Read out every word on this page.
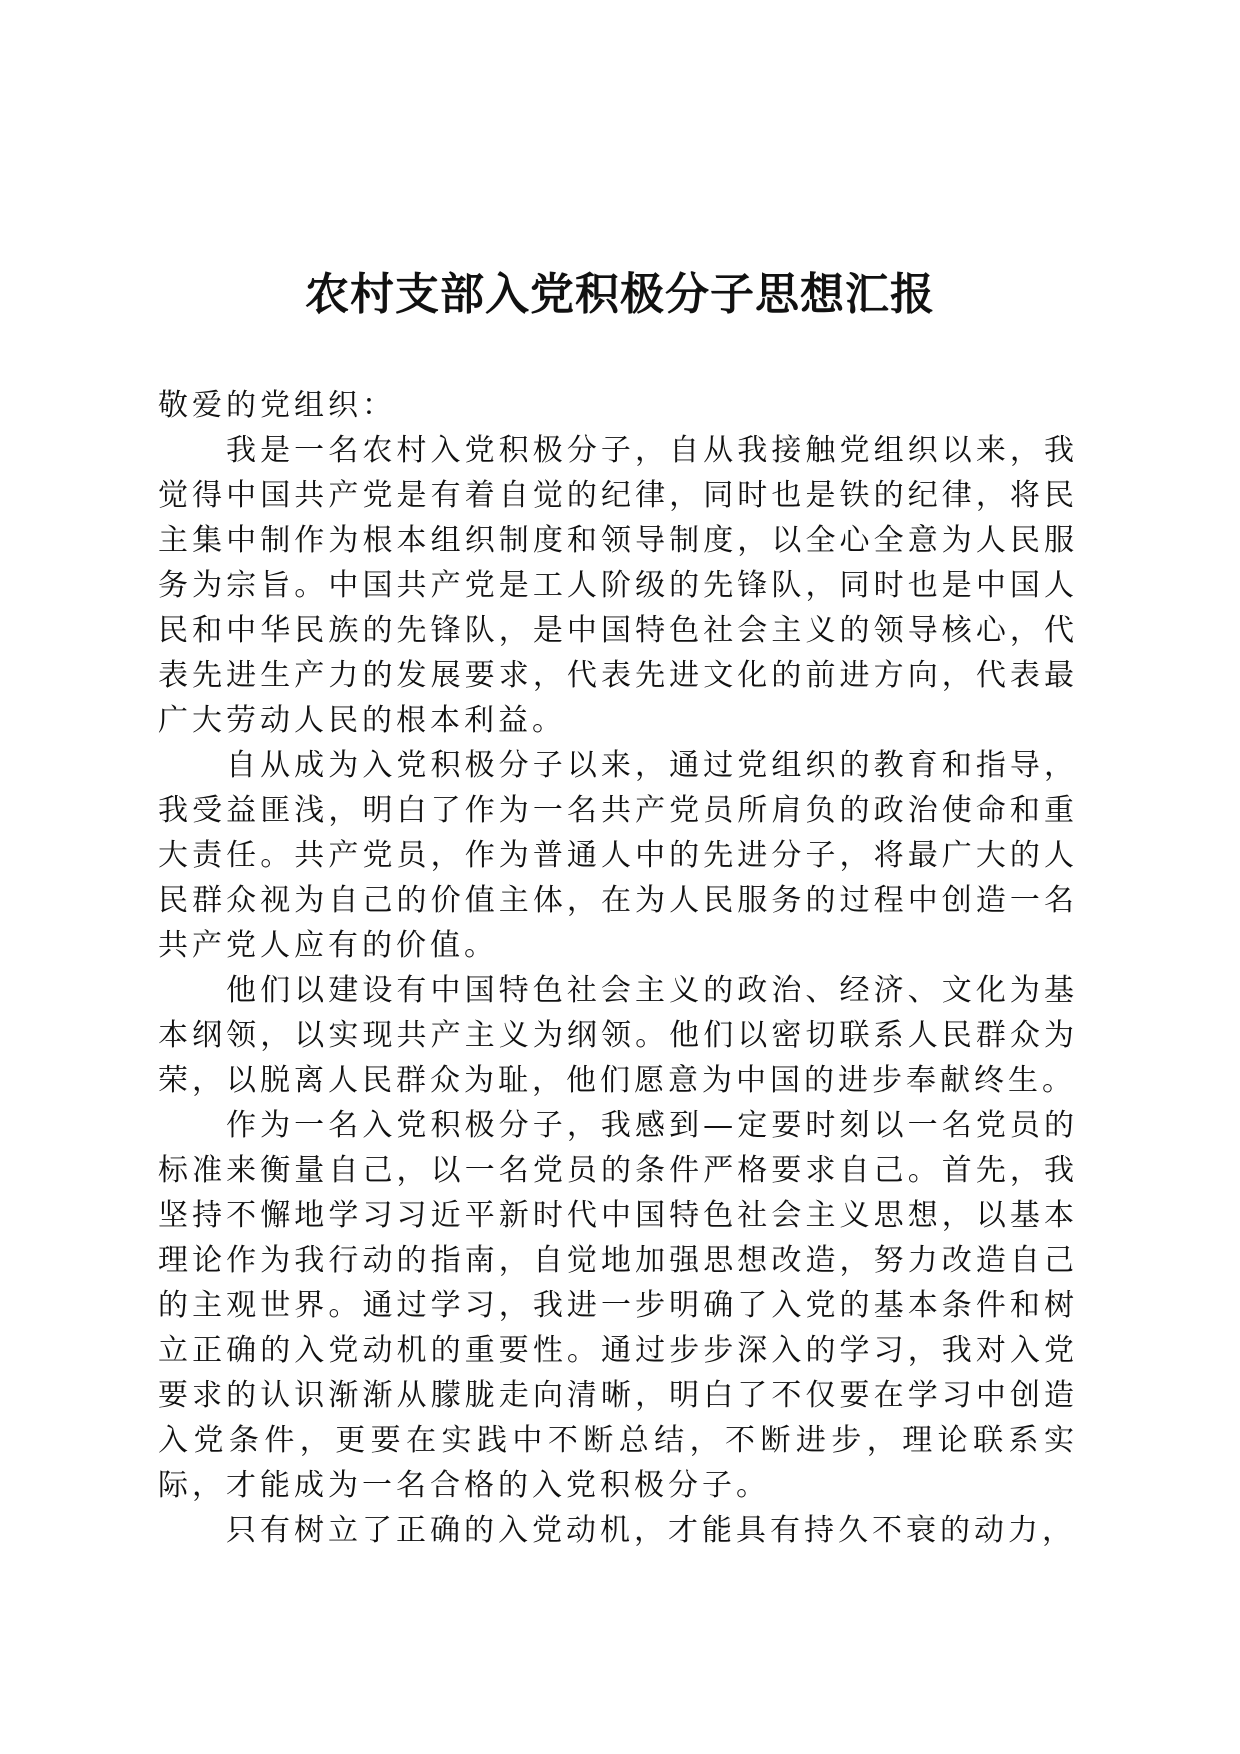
农村支部入党积极分子思想汇报

敬爱的党组织：

我是一名农村入党积极分子，自从我接触党组织以来，我觉得中国共产党是有着自觉的纪律，同时也是铁的纪律，将民主集中制作为根本组织制度和领导制度，以全心全意为人民服务为宗旨。中国共产党是工人阶级的先锋队，同时也是中国人民和中华民族的先锋队，是中国特色社会主义的领导核心，代表先进生产力的发展要求，代表先进文化的前进方向，代表最广大劳动人民的根本利益。

自从成为入党积极分子以来，通过党组织的教育和指导，我受益匪浅，明白了作为一名共产党员所肩负的政治使命和重大责任。共产党员，作为普通人中的先进分子，将最广大的人民群众视为自己的价值主体，在为人民服务的过程中创造一名共产党人应有的价值。

他们以建设有中国特色社会主义的政治、经济、文化为基本纲领，以实现共产主义为纲领。他们以密切联系人民群众为荣，以脱离人民群众为耻，他们愿意为中国的进步奉献终生。

作为一名入党积极分子，我感到—定要时刻以一名党员的标准来衡量自己，以一名党员的条件严格要求自己。首先，我坚持不懈地学习习近平新时代中国特色社会主义思想，以基本理论作为我行动的指南，自觉地加强思想改造，努力改造自己的主观世界。通过学习，我进一步明确了入党的基本条件和树立正确的入党动机的重要性。通过步步深入的学习，我对入党要求的认识渐渐从朦胧走向清晰，明白了不仅要在学习中创造入党条件，更要在实践中不断总结，不断进步，理论联系实际，才能成为一名合格的入党积极分子。

只有树立了正确的入党动机，才能具有持久不衰的动力，
